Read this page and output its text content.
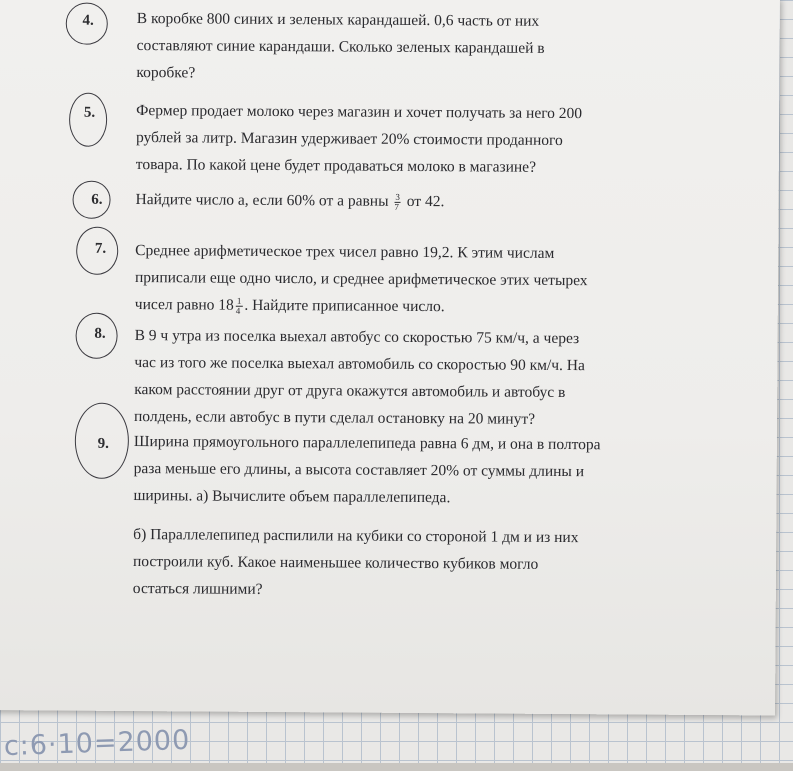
4.	В коробке 800 синих и зеленых карандашей. 0,6 часть от них
составляют синие карандаши. Сколько зеленых карандашей в
коробке?
5.	Фермер продает молоко через магазин и хочет получать за него 200
рублей за литр. Магазин удерживает 20% стоимости проданного
товара. По какой цене будет продаваться молоко в магазине?
6. Найдите число a, если 60% от a равны $\frac{3}{7}$ от 42.
7. Среднее арифметическое трех чисел равно 19,2. К этим числам
приписали еще одно число, и среднее арифметическое этих четырех
чисел равно $18 \frac{1}{4}$ . Найдите приписанное число.
8. В 9 ч утра из поселка выехал автобус со скоростью 75 км/ч, а через
час из того же поселка выехал автомобиль со скоростью 90 км/ч. На
каком расстоянии друг от друга окажутся автомобиль и автобус в
полдень, если автобус в пути сделал остановку на 20 минут?
9. Ширина прямоугольного параллелепипеда равна 6 дм, и она в полтора
раза меньше его длины, а высота составляет 20% от суммы длины и
ширины. а) Вычислите объем параллелепипеда.
б) Параллелепипед распилили на кубики со стороной 1 дм и из них
построили куб. Какое наименьшее количество кубиков могло
остаться лишними?
c:6·10=2000
